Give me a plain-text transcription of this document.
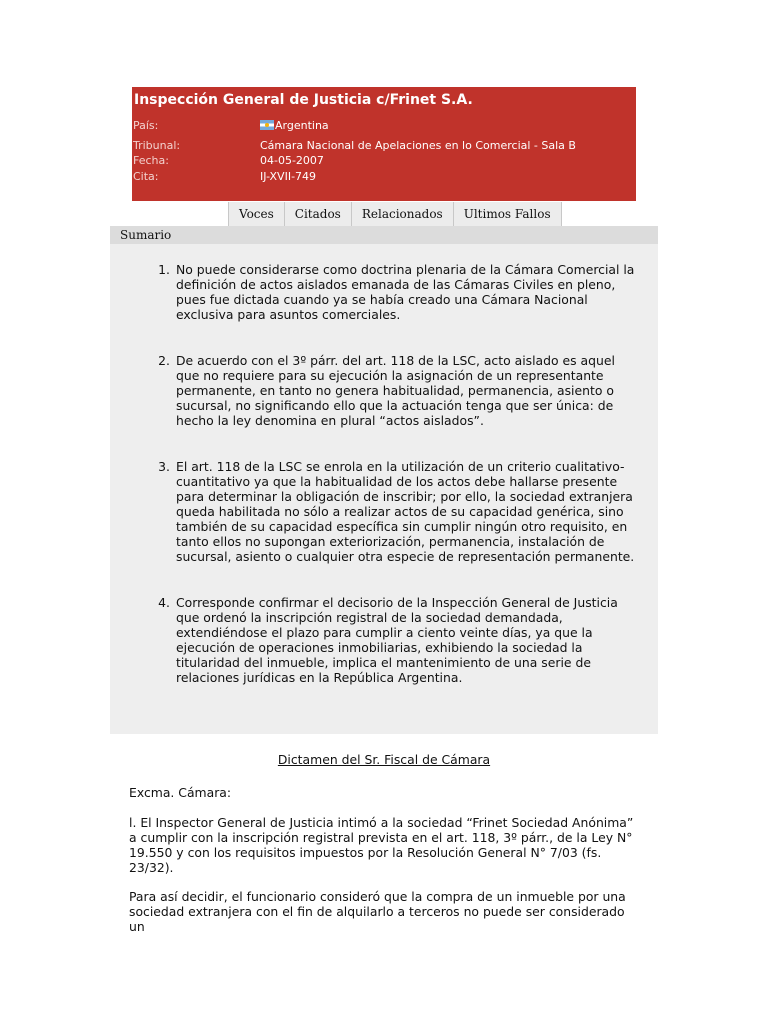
Inspección General de Justicia c/Frinet S.A.
País:	Argentina
Tribunal:	Cámara Nacional de Apelaciones en lo Comercial - Sala B
Fecha:	04-05-2007
Cita:	IJ-XVII-749
Voces	Citados	Relacionados	Ultimos Fallos
Sumario
1. No puede considerarse como doctrina plenaria de la Cámara Comercial la definición de actos aislados emanada de las Cámaras Civiles en pleno, pues fue dictada cuando ya se había creado una Cámara Nacional exclusiva para asuntos comerciales.
2. De acuerdo con el 3º párr. del art. 118 de la LSC, acto aislado es aquel que no requiere para su ejecución la asignación de un representante permanente, en tanto no genera habitualidad, permanencia, asiento o sucursal, no significando ello que la actuación tenga que ser única: de hecho la ley denomina en plural “actos aislados”.
3. El art. 118 de la LSC se enrola en la utilización de un criterio cualitativo-cuantitativo ya que la habitualidad de los actos debe hallarse presente para determinar la obligación de inscribir; por ello, la sociedad extranjera queda habilitada no sólo a realizar actos de su capacidad genérica, sino también de su capacidad específica sin cumplir ningún otro requisito, en tanto ellos no supongan exteriorización, permanencia, instalación de sucursal, asiento o cualquier otra especie de representación permanente.
4. Corresponde confirmar el decisorio de la Inspección General de Justicia que ordenó la inscripción registral de la sociedad demandada, extendiéndose el plazo para cumplir a ciento veinte días, ya que la ejecución de operaciones inmobiliarias, exhibiendo la sociedad la titularidad del inmueble, implica el mantenimiento de una serie de relaciones jurídicas en la República Argentina.
Dictamen del Sr. Fiscal de Cámara
Excma. Cámara:
l. El Inspector General de Justicia intimó a la sociedad “Frinet Sociedad Anónima” a cumplir con la inscripción registral prevista en el art. 118, 3º párr., de la Ley N° 19.550 y con los requisitos impuestos por la Resolución General N° 7/03 (fs. 23/32).
Para así decidir, el funcionario consideró que la compra de un inmueble por una sociedad extranjera con el fin de alquilarlo a terceros no puede ser considerado un
